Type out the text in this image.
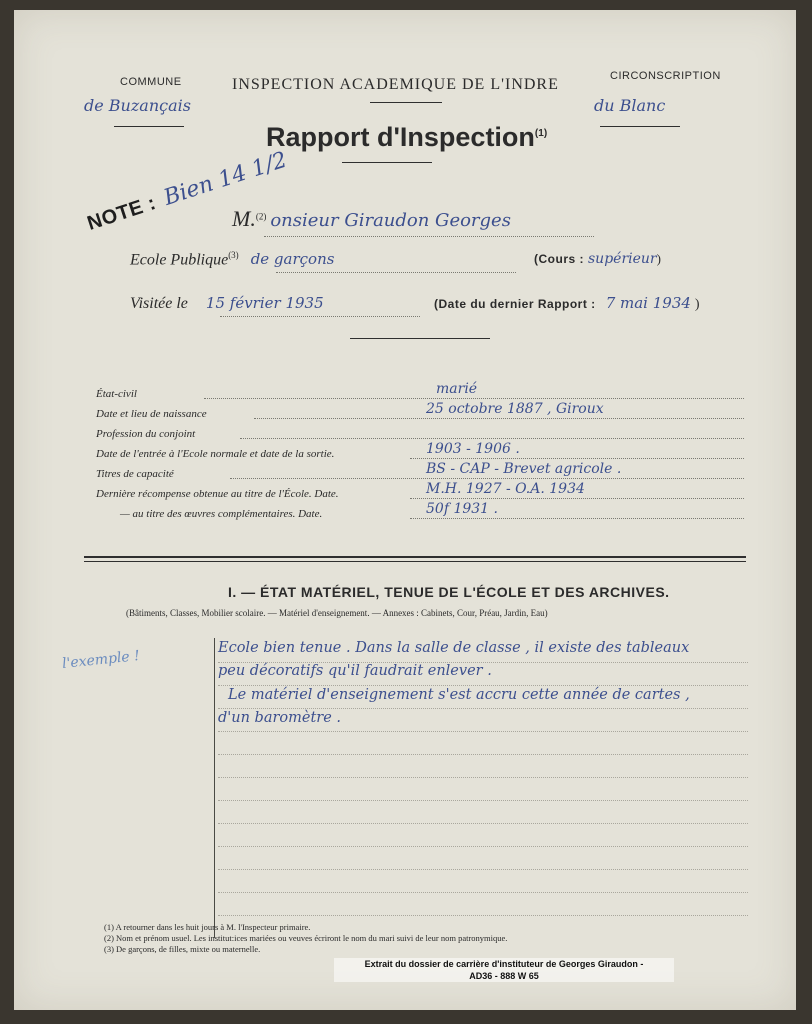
COMMUNE
de Buzançais
INSPECTION ACADEMIQUE DE L'INDRE	CIRCONSCRIPTION
du Blanc
Rapport d'Inspection$^{(1)}$
NOTE : Bien 14 1/2
M.$^{(2)}$ onsieur Giraudon Georges
Ecole Publique$^{(3)}$ de garçons	(Cours : supérieur)
Visitée le 15 février 1935	(Date du dernier Rapport : 7 mai 1934 )
État-civil	marié
Date et lieu de naissance	25 octobre 1887 , Giroux
Profession du conjoint
Date de l'entrée à l'Ecole normale et date de la sortie.	1903 - 1906 .
Titres de capacité	BS - CAP - Brevet agricole .
Dernière récompense obtenue au titre de l'École. Date.	M.H. 1927 - O.A. 1934
— au titre des œuvres complémentaires. Date.	50f 1931 .
I. — ÉTAT MATÉRIEL, TENUE DE L'ÉCOLE ET DES ARCHIVES.
(Bâtiments, Classes, Mobilier scolaire. — Matériel d'enseignement. — Annexes : Cabinets, Cour, Préau, Jardin, Eau)
l'exemple !	Ecole bien tenue . Dans la salle de classe , il existe des tableaux
peu décoratifs qu'il faudrait enlever .
Le matériel d'enseignement s'est accru cette année de cartes ,
d'un baromètre .
(1) A retourner dans les huit jours à M. l'Inspecteur primaire.
(2) Nom et prénom usuel. Les institut:ices mariées ou veuves écriront le nom du mari suivi de leur nom patronymique.
(3) De garçons, de filles, mixte ou maternelle.
Extrait du dossier de carrière d'instituteur de Georges Giraudon -
AD36 - 888 W 65
